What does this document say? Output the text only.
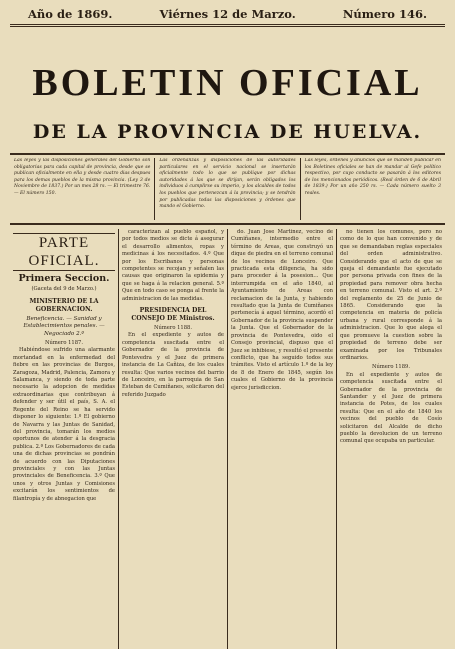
Año de 1869.	Viérnes 12 de Marzo.	Número 146.
BOLETIN OFICIAL
DE LA PROVINCIA DE HUELVA.
Las leyes y las disposiciones generales del Gobierno son obligatorias para cada capital de provincia, desde que se publican oficialmente en ella y desde cuatro dias despues para los demas pueblos de la misma provincia. (Ley 3 de Noviembre de 1837.) Por un mes 28 rs. — El trimestre 76. — El número 150.
Las ordenanzas y disposiciones de las autoridades particulares en el servicio nacional se insertarán oficialmente todo lo que se publique por dichas autoridades á las que se dirijan, serán obligados los individuos á cumplirse su imperio, y los alcaldes de todos los pueblos que pertenezcan á la provincia; y se tendrán por publicadas todas las disposiciones y órdenes que mando el Gobierno.
Las leyes, órdenes y anuncios que se manden publicar en los Boletines oficiales se han de mandar al Gefe político respectivo, por cuyo conducto se pasarán á los editores de los mencionados periódicos. (Real órden de 6 de Abril de 1839.) Por un año 250 rs. — Cada número suelto 3 reales.
PARTE OFICIAL.
Primera Seccion.
(Gaceta del 9 de Marzo.)
MINISTERIO DE LA GOBERNACION.
Beneficencia. — Sanidad y Establecimientos penales. — Negociado 2.º
Número 1187.

Habiéndose sufrido una alarmante mortandad en la enfermedad del fiebre en las provincias de Burgos, Zaragoza, Madrid, Palencia, Zamora y Salamanca, y siendo de toda parte necesario la adopcion de medidas extraordinarias que contribuyan á defender y ser útil el país, S. A. el Regente del Reino se ha servido disponer lo siguiente: 1.º El gobierno de Navarra y las Juntas de Sanidad, del provincia, tomarán los medios oportunos de atender á la desgracia publica. 2.º Los Gobernadores de cada una de dichas provincias se pondrán de acuerdo con las Diputaciones provinciales y con las Juntas provinciales de Beneficencia. 3.º Que unos y otros Juntas y Comisiones excitarán los sentimientos de filantropía y de abnegacion que

caracterizan al pueblo español, y por todos medios se dicte á asegurar el desarrollo alimentos, ropas y medicinas á los necesitados. 4.º Que por los Escribanos y personas competentes se recojan y señalen las causas que originaron la epidemia y que se haga á la relacion general. 5.º Que en todo caso se ponga al frente la administracion de las medidas.

PRESIDENCIA DEL CONSEJO DE Ministros.
Número 1188.

En el expediente y autos de competencia suscitada entre el Gobernador de la provincia de Pontevedra y el Juez de primera instancia de La Cañiza, de los cuales resulta: Que varios vecinos del barrio de Lonceiro, en la parroquia de San Esteban de Cumiñanes, solicitaron del referido Juzgado

do. Juan Jose Martinez, vecino de Cumiñanes, intermedio entre el término de Areas, que construyó un dique de piedra en el terreno comunal de los vecinos de Lonceiro. Que practicada esta diligencia, ha sido para proceder á la posesion... Que interrumpida en el año 1840, al Ayuntamiento de Areas con reclamacion de la Junta, y habiendo resultado que la Junta de Cumiñanes pertenecía á aquel término, acordó el Gobernador de la provincia suspender la Junta. Que el Gobernador de la provincia de Pontevedra, oido el Consejo provincial, dispuso que el Juez se inhibiese, y resultó el presente conflicto, que ha seguido todos sus trámites. Visto el artículo 1.º de la ley de 8 de Enero de 1845, según los cuales el Gobierno de la provincia ejerce jurisdiccion.

no tienen los comunes, pero no como de lo que han convenido y de que se demandaban reglas especiales del orden administrativo. Considerando que el acto de que se queja el demandante fue ejecutado por persona privada con fines de la propiedad para remover obra hecha en terreno comunal. Visto el art. 2.º del reglamento de 25 de Junio de 1865. Considerando que la competencia en materia de policía urbana y rural corresponde á la administracion. Que lo que alega el que promueve la cuestion sobre la propiedad de terreno debe ser examinada por los Tribunales ordinarios.

Número 1189.

En el expediente y autos de competencia suscitada entre el Gobernador de la provincia de Santander y el Juez de primera instancia de Potes, de los cuales resulta: Que en el año de 1840 los vecinos del pueblo de Cosío solicitaron del Alcalde de dicho pueblo la devolucion de un terreno comunal que ocupaba un particular.
